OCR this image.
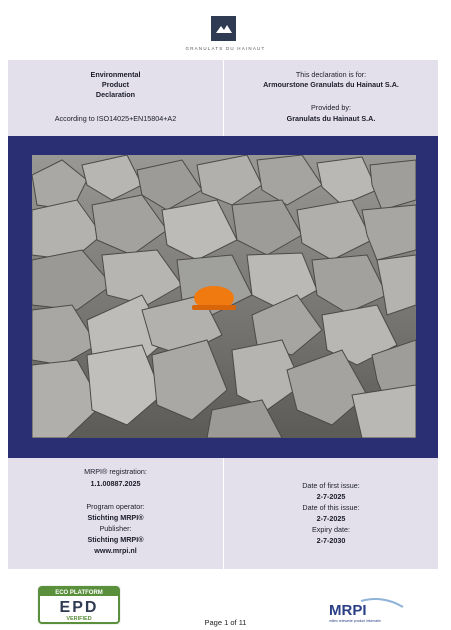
GRANULATS DU HAINAUT
Environmental
Product
Declaration
According to ISO14025+EN15804+A2
This declaration is for:
Armourstone Granulats du Hainaut S.A.
Provided by:
Granulats du Hainaut S.A.
MRPI® registration:
1.1.00887.2025
Program operator:
Stichting MRPI®
Publisher:
Stichting MRPI®
www.mrpi.nl
Date of first issue:
2-7-2025
Date of this issue:
2-7-2025
Expiry date:
2-7-2030
ECO PLATFORM
EPD
VERIFIED	Page 1 of 11
MRPI
milieu relevante product informatie
